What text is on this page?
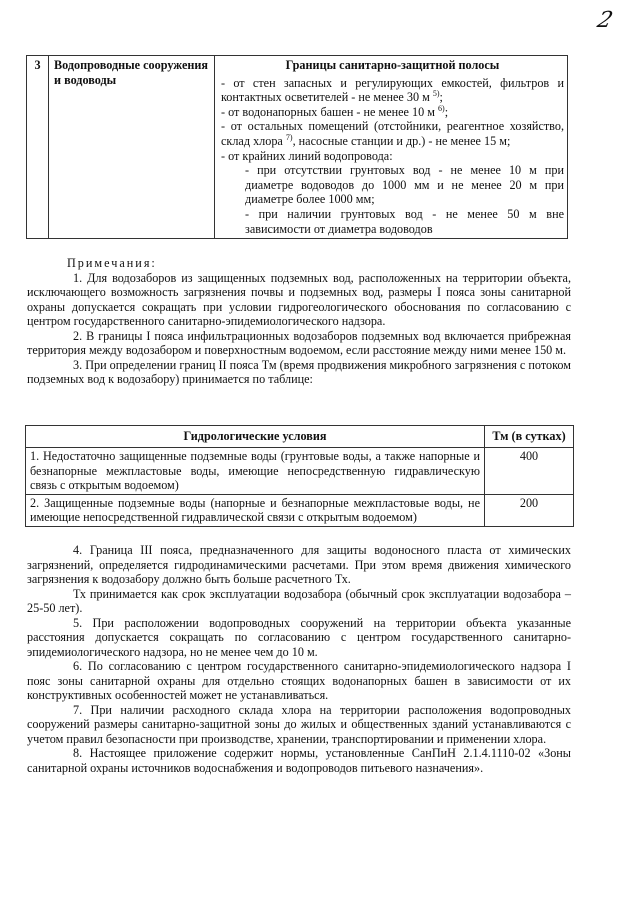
2
3	Водопроводные сооружения и водоводы	
Границы санитарно-защитной полосы
- от стен запасных и регулирующих емкостей, фильтров и контактных осветителей - не менее 30 м $^{5)}$;
- от водонапорных башен - не менее 10 м $^{6)}$;
- от остальных помещений (отстойники, реагентное хозяйство, склад хлора $^{7)}$, насосные станции и др.) - не менее 15 м;
- от крайних линий водопровода:
- при отсутствии грунтовых вод - не менее 10 м при диаметре водоводов до 1000 мм и не менее 20 м при диаметре более 1000 мм;
- при наличии грунтовых вод - не менее 50 м вне зависимости от диаметра водоводов

Примечания:

1. Для водозаборов из защищенных подземных вод, расположенных на территории объекта, исключающего возможность загрязнения почвы и подземных вод, размеры I пояса зоны санитарной охраны допускается сокращать при условии гидрогеологического обоснования по согласованию с центром государственного санитарно-эпидемиологического надзора.

2. В границы I пояса инфильтрационных водозаборов подземных вод включается прибрежная территория между водозабором и поверхностным водоемом, если расстояние между ними менее 150 м.

3. При определении границ II пояса Тм (время продвижения микробного загрязнения с потоком подземных вод к водозабору) принимается по таблице:

Гидрологические условия	Тм (в сутках)
1. Недостаточно защищенные подземные воды (грунтовые воды, а также напорные и безнапорные межпластовые воды, имеющие непосредственную гидравлическую связь с открытым водоемом)	400
2. Защищенные подземные воды (напорные и безнапорные межпластовые воды, не имеющие непосредственной гидравлической связи с открытым водоемом)	200

4. Граница III пояса, предназначенного для защиты водоносного пласта от химических загрязнений, определяется гидродинамическими расчетами. При этом время движения химического загрязнения к водозабору должно быть больше расчетного Тх.

Тх принимается как срок эксплуатации водозабора (обычный срок эксплуатации водозабора – 25-50 лет).

5. При расположении водопроводных сооружений на территории объекта указанные расстояния допускается сокращать по согласованию с центром государственного санитарно-эпидемиологического надзора, но не менее чем до 10 м.

6. По согласованию с центром государственного санитарно-эпидемиологического надзора I пояс зоны санитарной охраны для отдельно стоящих водонапорных башен в зависимости от их конструктивных особенностей может не устанавливаться.

7. При наличии расходного склада хлора на территории расположения водопроводных сооружений размеры санитарно-защитной зоны до жилых и общественных зданий устанавливаются с учетом правил безопасности при производстве, хранении, транспортировании и применении хлора.

8. Настоящее приложение содержит нормы, установленные СанПиН 2.1.4.1110-02 «Зоны санитарной охраны источников водоснабжения и водопроводов питьевого назначения».
